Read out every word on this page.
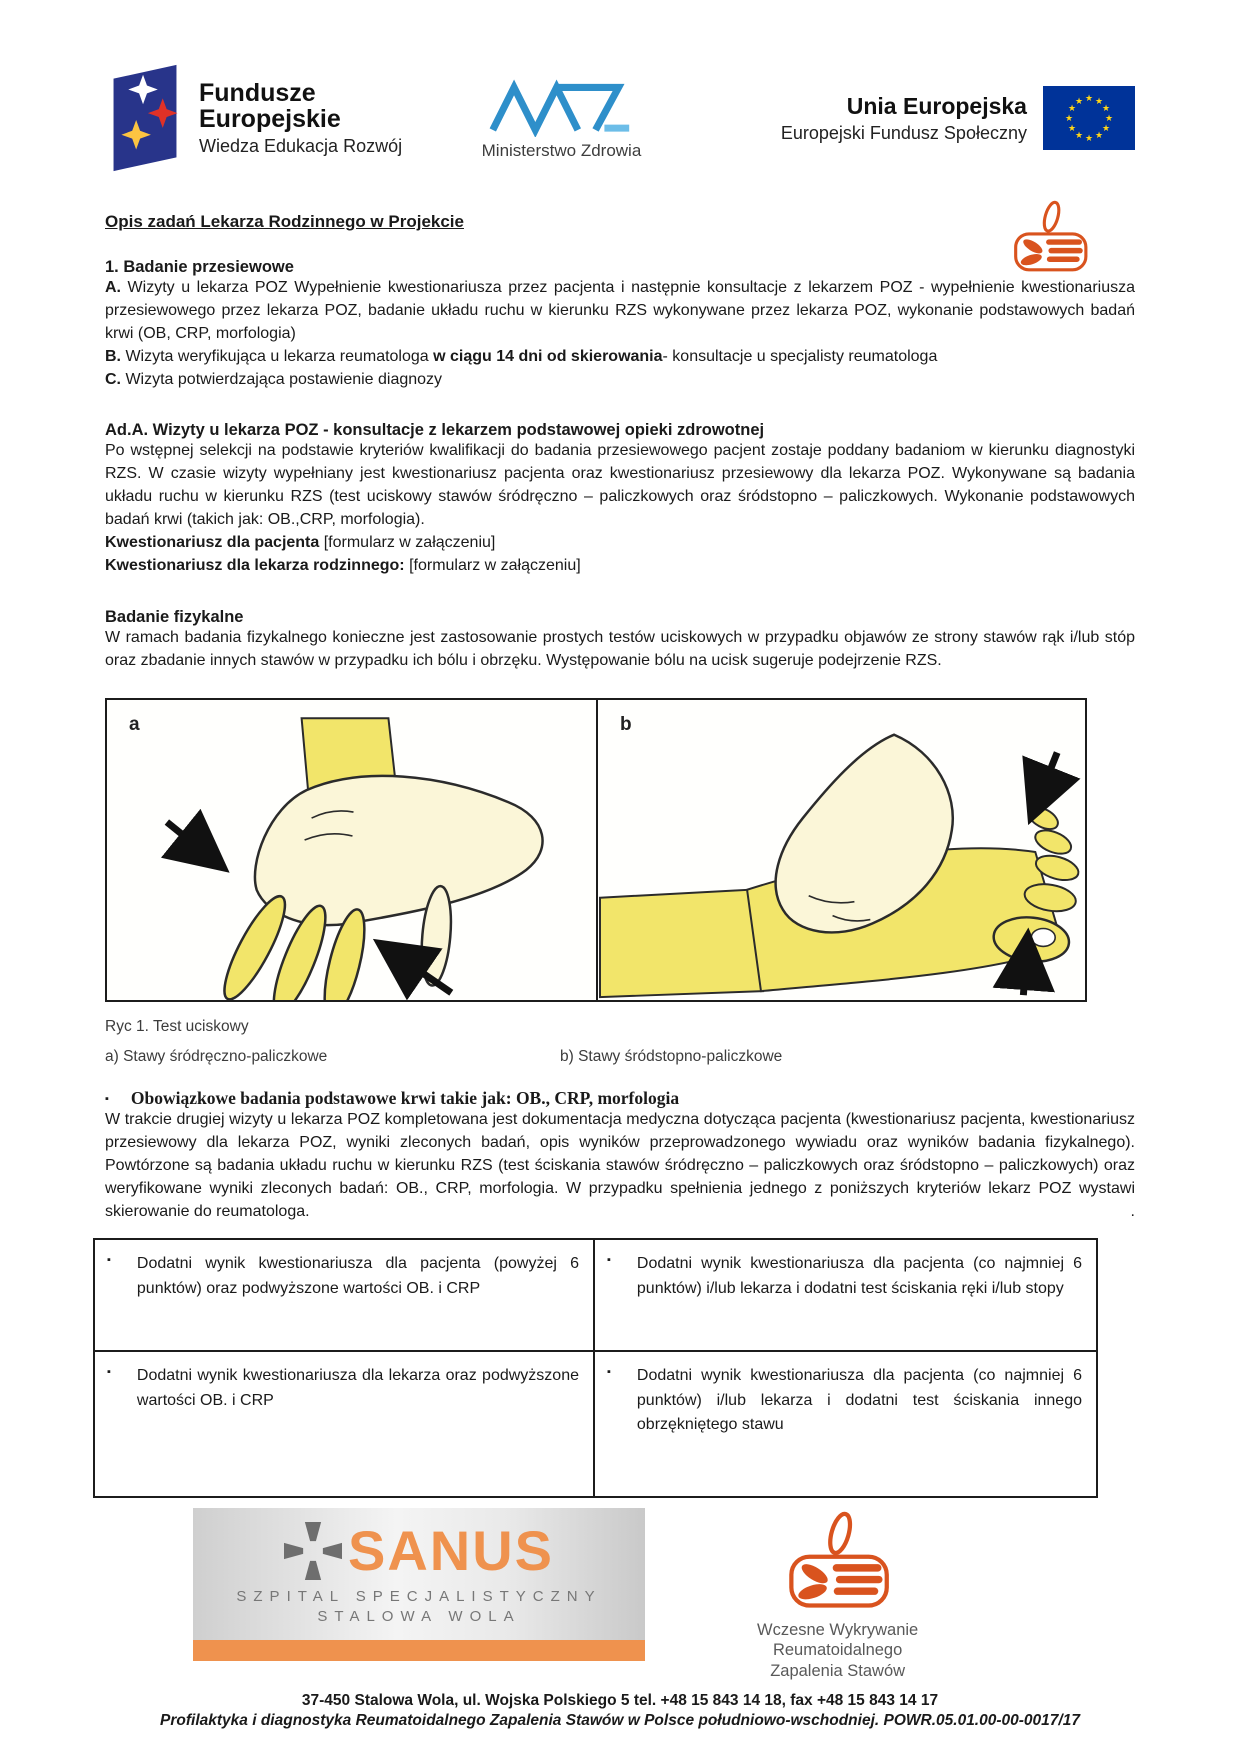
Fundusze
Europejskie
Wiedza Edukacja Rozwój	Ministerstwo Zdrowia
Unia Europejska
Europejski Fundusz Społeczny
★ ★
★
★
★
★
★
★
★
★
★
★
Opis zadań Lekarza Rodzinnego w Projekcie
1. Badanie przesiewowe
A. Wizyty u lekarza POZ Wypełnienie kwestionariusza przez pacjenta i następnie konsultacje z lekarzem POZ - wypełnienie kwestionariusza przesiewowego przez lekarza POZ, badanie układu ruchu w kierunku RZS wykonywane przez lekarza POZ, wykonanie podstawowych badań krwi (OB, CRP, morfologia)
B. Wizyta weryfikująca u lekarza reumatologa w ciągu 14 dni od skierowania- konsultacje u specjalisty reumatologa
C. Wizyta potwierdzająca postawienie diagnozy
Ad.A. Wizyty u lekarza POZ - konsultacje z lekarzem podstawowej opieki zdrowotnej
Po wstępnej selekcji na podstawie kryteriów kwalifikacji do badania przesiewowego pacjent zostaje poddany badaniom w kierunku diagnostyki RZS. W czasie wizyty wypełniany jest kwestionariusz pacjenta oraz kwestionariusz przesiewowy dla lekarza POZ. Wykonywane są badania układu ruchu w kierunku RZS (test uciskowy stawów śródręczno – paliczkowych oraz śródstopno – paliczkowych. Wykonanie podstawowych badań krwi (takich jak: OB.,CRP, morfologia).
Kwestionariusz dla pacjenta [formularz w załączeniu]
Kwestionariusz dla lekarza rodzinnego: [formularz w załączeniu]
Badanie fizykalne
W ramach badania fizykalnego konieczne jest zastosowanie prostych testów uciskowych w przypadku objawów ze strony stawów rąk i/lub stóp oraz zbadanie innych stawów w przypadku ich bólu i obrzęku. Występowanie bólu na ucisk sugeruje podejrzenie RZS.
a	b
Ryc 1. Test uciskowy
a) Stawy śródręczno-paliczkowe	b) Stawy śródstopno-paliczkowe
▪ Obowiązkowe badania podstawowe krwi takie jak: OB., CRP, morfologia
W trakcie drugiej wizyty u lekarza POZ kompletowana jest dokumentacja medyczna dotycząca pacjenta (kwestionariusz pacjenta, kwestionariusz przesiewowy dla lekarza POZ, wyniki zleconych badań, opis wyników przeprowadzonego wywiadu oraz wyników badania fizykalnego). Powtórzone są badania układu ruchu w kierunku RZS (test ściskania stawów śródręczno – paliczkowych oraz śródstopno – paliczkowych) oraz weryfikowane wyniki zleconych badań: OB., CRP, morfologia. W przypadku spełnienia jednego z poniższych kryteriów lekarz POZ wystawi skierowanie do reumatologa.	.
▪ Dodatni wynik kwestionariusza dla pacjenta (powyżej 6 punktów) oraz podwyższone wartości OB. i CRP	▪ Dodatni wynik kwestionariusza dla pacjenta (co najmniej 6 punktów) i/lub lekarza i dodatni test ściskania ręki i/lub stopy

▪ Dodatni wynik kwestionariusza dla lekarza oraz podwyższone wartości OB. i CRP	▪ Dodatni wynik kwestionariusza dla pacjenta (co najmniej 6 punktów) i/lub lekarza i dodatni test ściskania innego obrzękniętego stawu
SANUS
SZPITAL SPECJALISTYCZNY
STALOWA WOLA
Wczesne Wykrywanie
Reumatoidalnego
Zapalenia Stawów
37-450 Stalowa Wola, ul. Wojska Polskiego 5 tel. +48 15 843 14 18, fax +48 15 843 14 17
Profilaktyka i diagnostyka Reumatoidalnego Zapalenia Stawów w Polsce południowo-wschodniej. POWR.05.01.00-00-0017/17
